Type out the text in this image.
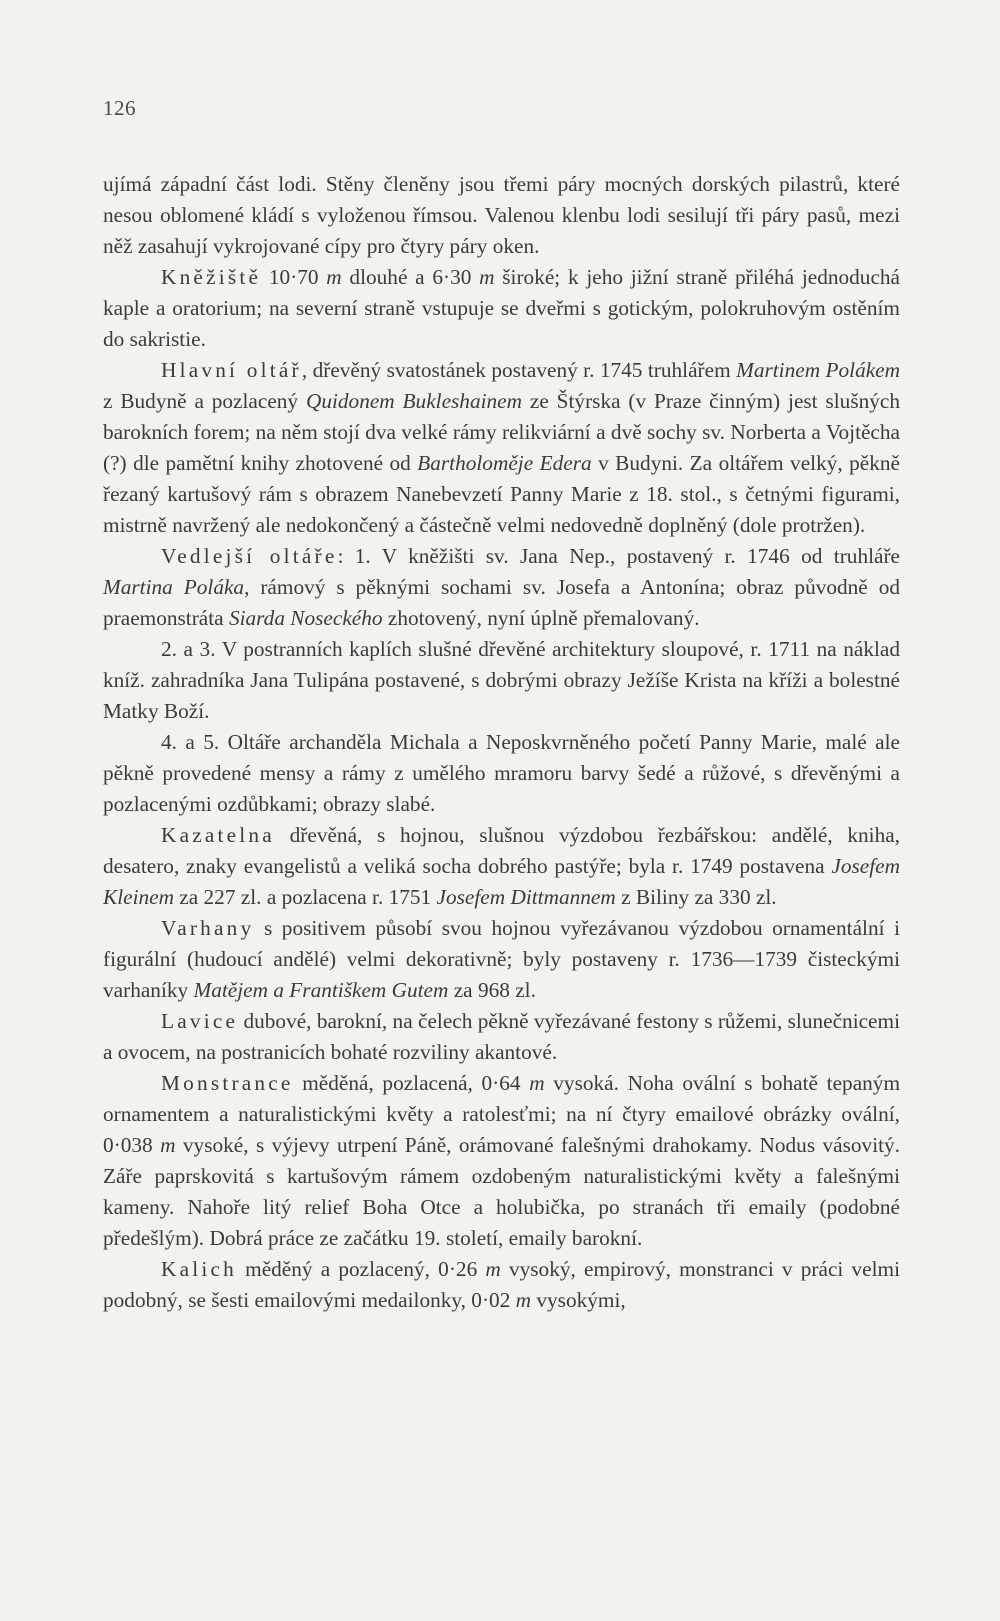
126

ujímá západní část lodi. Stěny členěny jsou třemi páry mocných dorských pilastrů, které nesou oblomené kládí s vyloženou římsou. Valenou klenbu lodi sesilují tři páry pasů, mezi něž zasahují vykrojované cípy pro čtyry páry oken.

Kněžiště 10·70 m dlouhé a 6·30 m široké; k jeho jižní straně přiléhá jednoduchá kaple a oratorium; na severní straně vstupuje se dveřmi s gotickým, polokruhovým ostěním do sakristie.

Hlavní oltář, dřevěný svatostánek postavený r. 1745 truhlářem Martinem Polákem z Budyně a pozlacený Quidonem Bukleshainem ze Štýrska (v Praze činným) jest slušných barokních forem; na něm stojí dva velké rámy relikviární a dvě sochy sv. Norberta a Vojtěcha (?) dle pamětní knihy zhotovené od Bartholoměje Edera v Budyni. Za oltářem velký, pěkně řezaný kartušový rám s obrazem Nanebevzetí Panny Marie z 18. stol., s četnými figurami, mistrně navržený ale nedokončený a částečně velmi nedovedně doplněný (dole protržen).

Vedlejší oltáře: 1. V kněžišti sv. Jana Nep., postavený r. 1746 od truhláře Martina Poláka, rámový s pěknými sochami sv. Josefa a Antonína; obraz původně od praemonstráta Siarda Noseckého zhotovený, nyní úplně přemalovaný.

2. a 3. V postranních kaplích slušné dřevěné architektury sloupové, r. 1711 na náklad kníž. zahradníka Jana Tulipána postavené, s dobrými obrazy Ježíše Krista na kříži a bolestné Matky Boží.

4. a 5. Oltáře archanděla Michala a Neposkvrněného početí Panny Marie, malé ale pěkně provedené mensy a rámy z umělého mramoru barvy šedé a růžové, s dřevěnými a pozlacenými ozdůbkami; obrazy slabé.

Kazatelna dřevěná, s hojnou, slušnou výzdobou řezbářskou: andělé, kniha, desatero, znaky evangelistů a veliká socha dobrého pastýře; byla r. 1749 postavena Josefem Kleinem za 227 zl. a pozlacena r. 1751 Josefem Dittmannem z Biliny za 330 zl.

Varhany s positivem působí svou hojnou vyřezávanou výzdobou ornamentální i figurální (hudoucí andělé) velmi dekorativně; byly postaveny r. 1736—1739 čisteckými varhaníky Matějem a Františkem Gutem za 968 zl.

Lavice dubové, barokní, na čelech pěkně vyřezávané festony s růžemi, slunečnicemi a ovocem, na postranicích bohaté rozviliny akantové.

Monstrance měděná, pozlacená, 0·64 m vysoká. Noha ovální s bohatě tepaným ornamentem a naturalistickými květy a ratolesťmi; na ní čtyry emailové obrázky ovální, 0·038 m vysoké, s výjevy utrpení Páně, orámované falešnými drahokamy. Nodus vásovitý. Záře paprskovitá s kartušovým rámem ozdobeným naturalistickými květy a falešnými kameny. Nahoře litý relief Boha Otce a holubička, po stranách tři emaily (podobné předešlým). Dobrá práce ze začátku 19. století, emaily barokní.

Kalich měděný a pozlacený, 0·26 m vysoký, empirový, monstranci v práci velmi podobný, se šesti emailovými medailonky, 0·02 m vysokými,
